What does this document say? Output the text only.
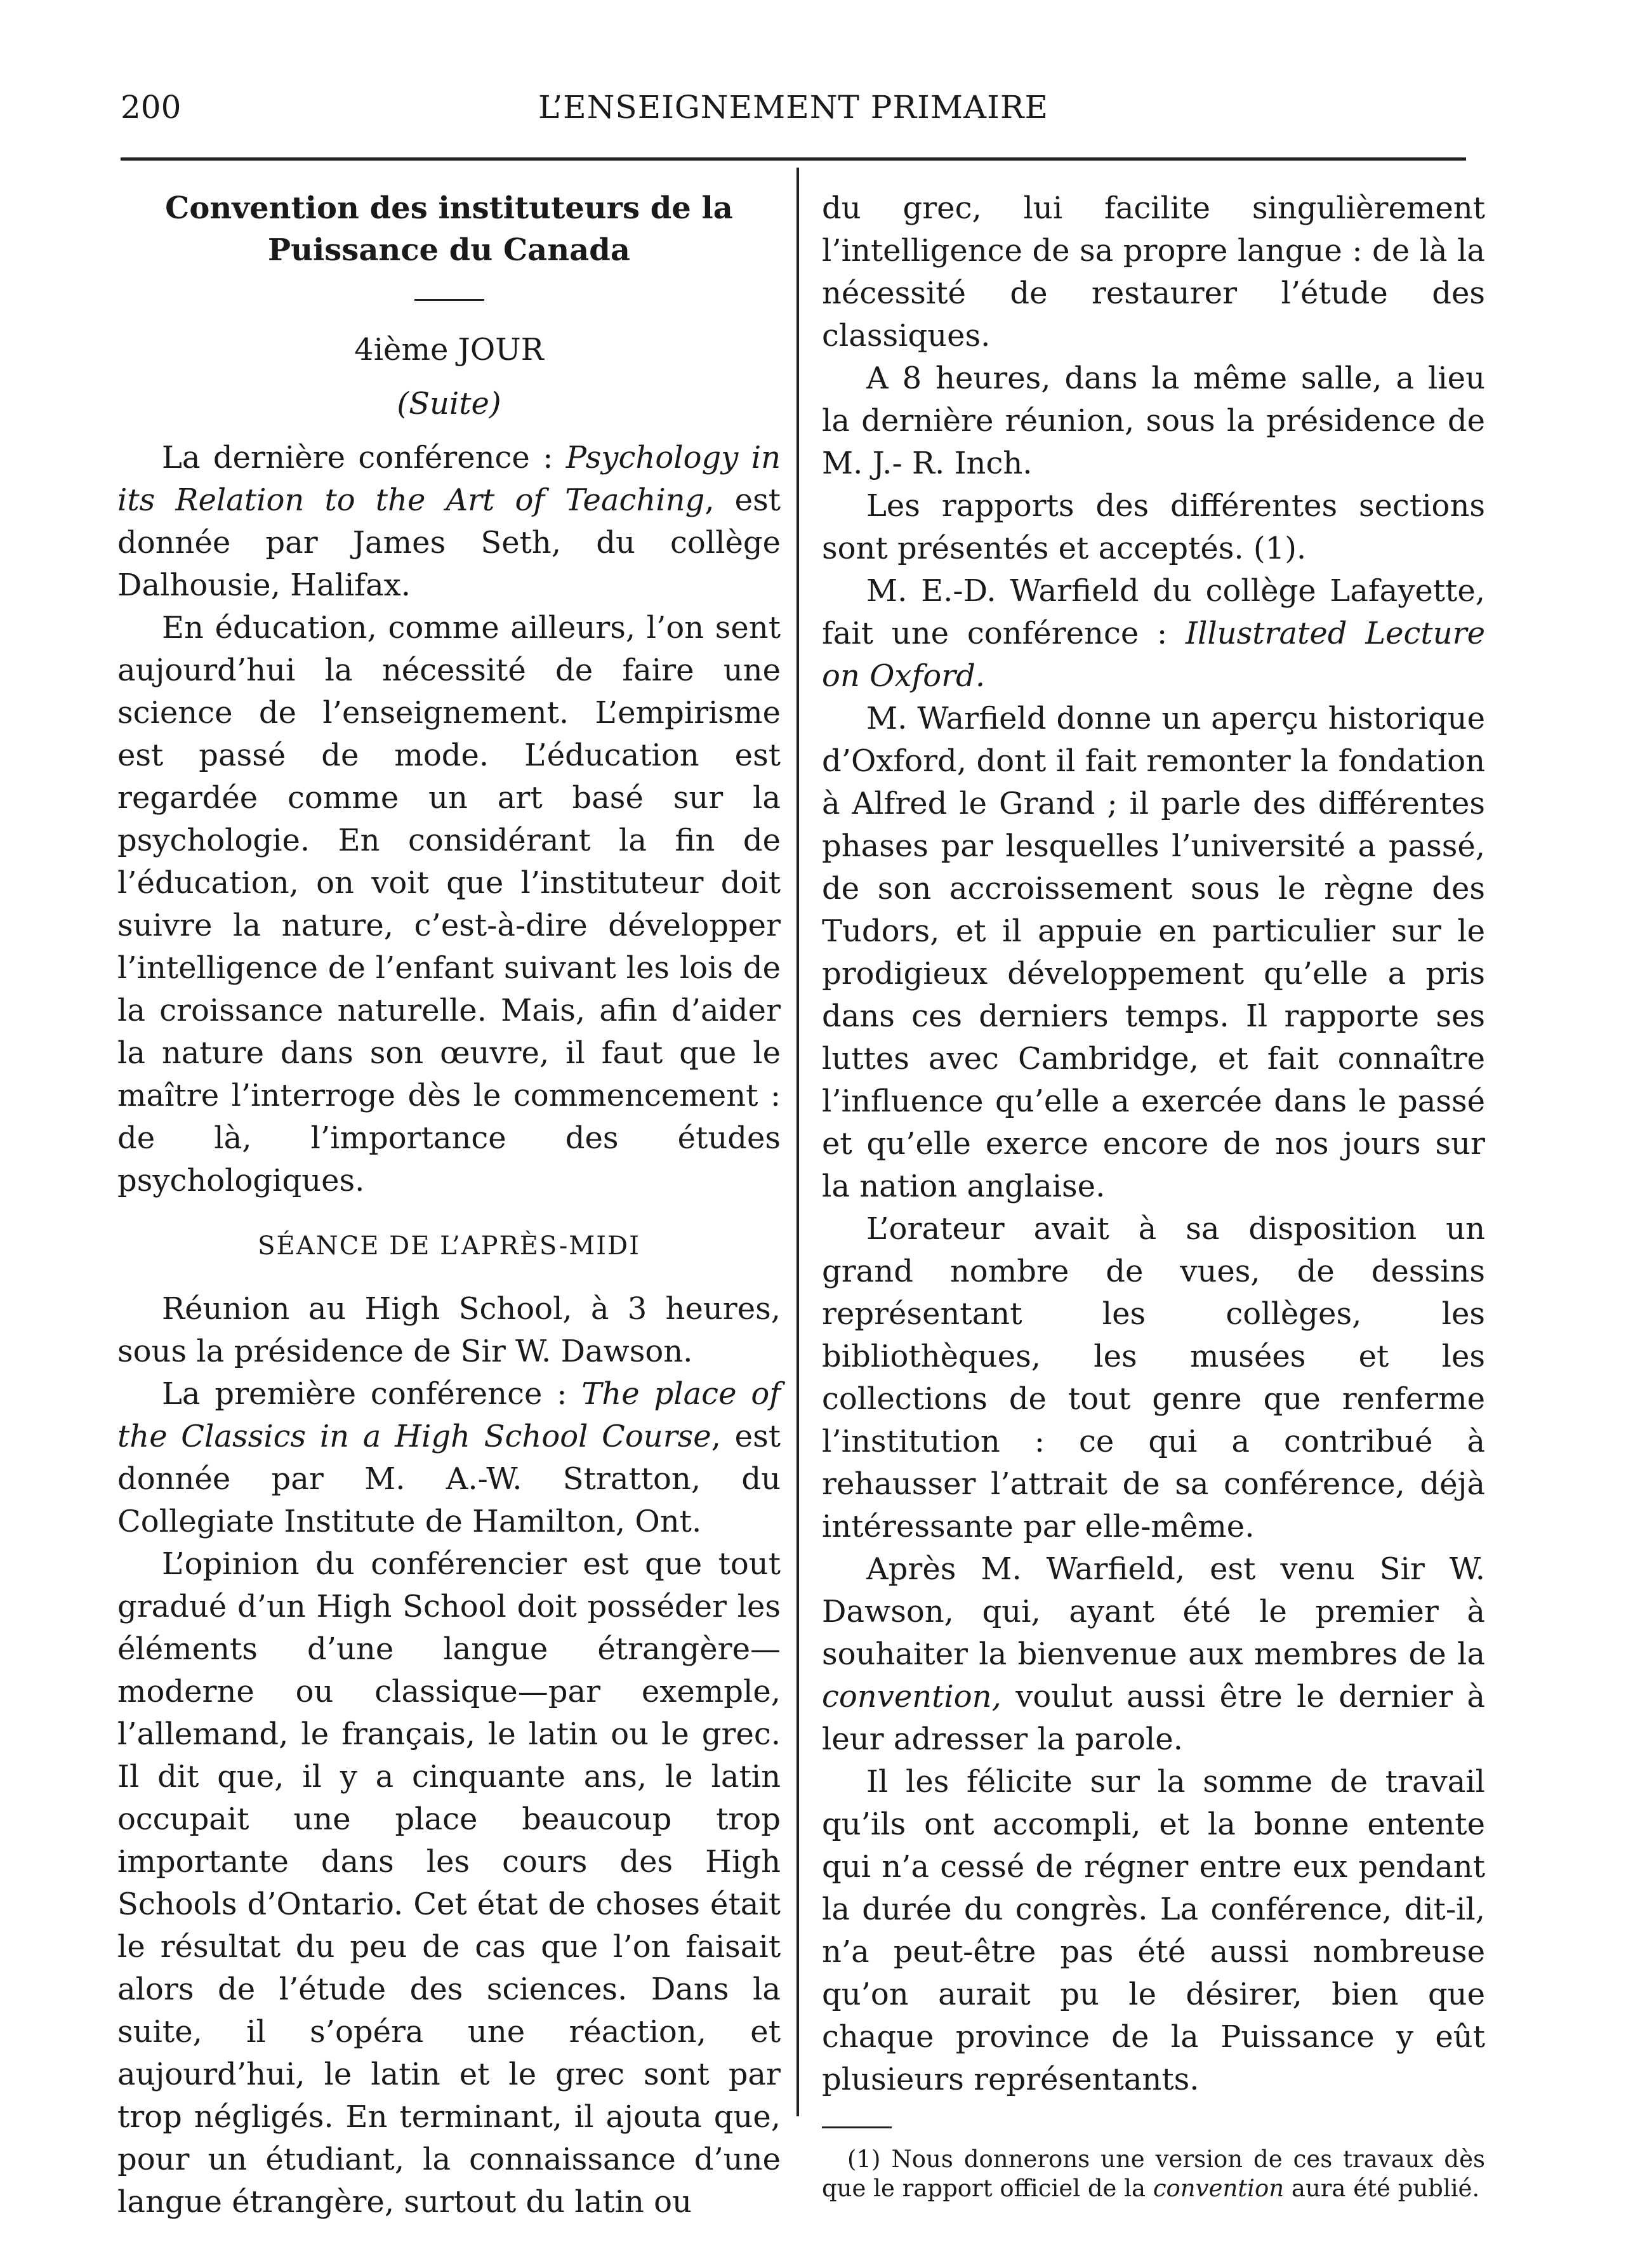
200	L’ENSEIGNEMENT PRIMAIRE

Convention des instituteurs de la
Puissance du Canada

4ième JOUR

(Suite)

La dernière conférence : Psychology in its Relation to the Art of Teaching, est donnée par James Seth, du collège Dalhousie, Halifax.

En éducation, comme ailleurs, l’on sent aujourd’hui la nécessité de faire une science de l’enseignement. L’empirisme est passé de mode. L’éducation est regardée comme un art basé sur la psychologie. En considérant la fin de l’éducation, on voit que l’instituteur doit suivre la nature, c’est-à-dire développer l’intelligence de l’enfant suivant les lois de la croissance naturelle. Mais, afin d’aider la nature dans son œuvre, il faut que le maître l’interroge dès le commencement : de là, l’importance des études psychologiques.

SÉANCE DE L’APRÈS-MIDI

Réunion au High School, à 3 heures, sous la présidence de Sir W. Dawson.

La première conférence : The place of the Classics in a High School Course, est donnée par M. A.-W. Stratton, du Collegiate Institute de Hamilton, Ont.

L’opinion du conférencier est que tout gradué d’un High School doit posséder les éléments d’une langue étrangère—moderne ou classique—par exemple, l’allemand, le français, le latin ou le grec. Il dit que, il y a cinquante ans, le latin occupait une place beaucoup trop importante dans les cours des High Schools d’Ontario. Cet état de choses était le résultat du peu de cas que l’on faisait alors de l’étude des sciences. Dans la suite, il s’opéra une réaction, et aujourd’hui, le latin et le grec sont par trop négligés. En terminant, il ajouta que, pour un étudiant, la connaissance d’une langue étrangère, surtout du latin ou

du grec, lui facilite singulièrement l’intelligence de sa propre langue : de là la nécessité de restaurer l’étude des classiques.

A 8 heures, dans la même salle, a lieu la dernière réunion, sous la présidence de M. J.- R. Inch.

Les rapports des différentes sections sont présentés et acceptés. (1).

M. E.-D. Warfield du collège Lafayette, fait une conférence : Illustrated Lecture on Oxford.

M. Warfield donne un aperçu historique d’Oxford, dont il fait remonter la fondation à Alfred le Grand ; il parle des différentes phases par lesquelles l’université a passé, de son accroissement sous le règne des Tudors, et il appuie en particulier sur le prodigieux développement qu’elle a pris dans ces derniers temps. Il rapporte ses luttes avec Cambridge, et fait connaître l’influence qu’elle a exercée dans le passé et qu’elle exerce encore de nos jours sur la nation anglaise.

L’orateur avait à sa disposition un grand nombre de vues, de dessins représentant les collèges, les bibliothèques, les musées et les collections de tout genre que renferme l’institution : ce qui a contribué à rehausser l’attrait de sa conférence, déjà intéressante par elle-même.

Après M. Warfield, est venu Sir W. Dawson, qui, ayant été le premier à souhaiter la bienvenue aux membres de la convention, voulut aussi être le dernier à leur adresser la parole.

Il les félicite sur la somme de travail qu’ils ont accompli, et la bonne entente qui n’a cessé de régner entre eux pendant la durée du congrès. La conférence, dit-il, n’a peut-être pas été aussi nombreuse qu’on aurait pu le désirer, bien que chaque province de la Puissance y eût plusieurs représentants.

(1) Nous donnerons une version de ces travaux dès que le rapport officiel de la convention aura été publié.
